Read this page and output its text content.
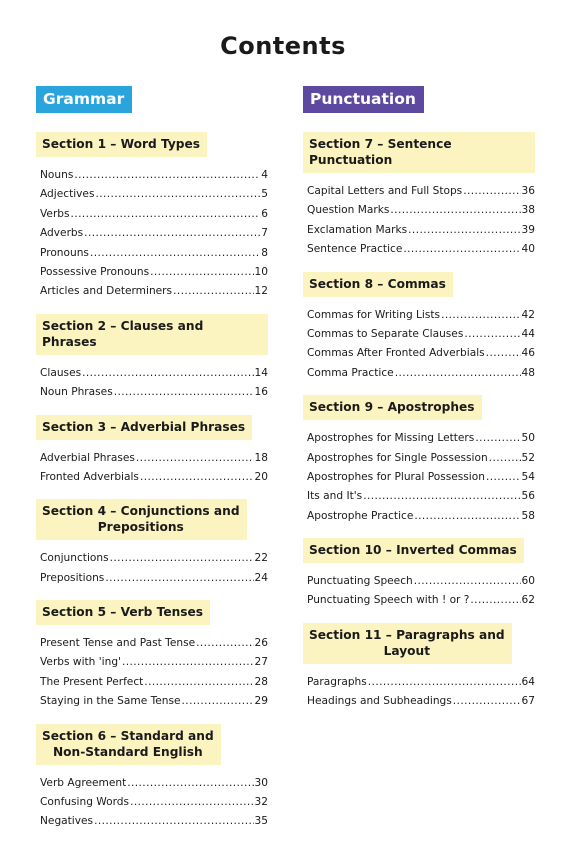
Contents
Grammar
Section 1 – Word Types
Nouns .....	4
Adjectives .....	5
Verbs .....	6
Adverbs .....	7
Pronouns .....	8
Possessive Pronouns .....	10
Articles and Determiners .....	12
Section 2 – Clauses and Phrases
Clauses .....	14
Noun Phrases .....	16
Section 3 – Adverbial Phrases
Adverbial Phrases .....	18
Fronted Adverbials .....	20
Section 4 – Conjunctions and
Prepositions
Conjunctions .....	22
Prepositions .....	24
Section 5 – Verb Tenses
Present Tense and Past Tense .....	26
Verbs with 'ing' .....	27
The Present Perfect .....	28
Staying in the Same Tense .....	29
Section 6 – Standard and
Non-Standard English
Verb Agreement .....	30
Confusing Words .....	32
Negatives .....	35
Punctuation
Section 7 – Sentence Punctuation
Capital Letters and Full Stops .....	36
Question Marks .....	38
Exclamation Marks .....	39
Sentence Practice .....	40
Section 8 – Commas
Commas for Writing Lists .....	42
Commas to Separate Clauses .....	44
Commas After Fronted Adverbials .....	46
Comma Practice .....	48
Section 9 – Apostrophes
Apostrophes for Missing Letters .....	50
Apostrophes for Single Possession .....	52
Apostrophes for Plural Possession .....	54
Its and It's .....	56
Apostrophe Practice .....	58
Section 10 – Inverted Commas
Punctuating Speech .....	60
Punctuating Speech with ! or ? .....	62
Section 11 – Paragraphs and
Layout
Paragraphs .....	64
Headings and Subheadings .....	67
